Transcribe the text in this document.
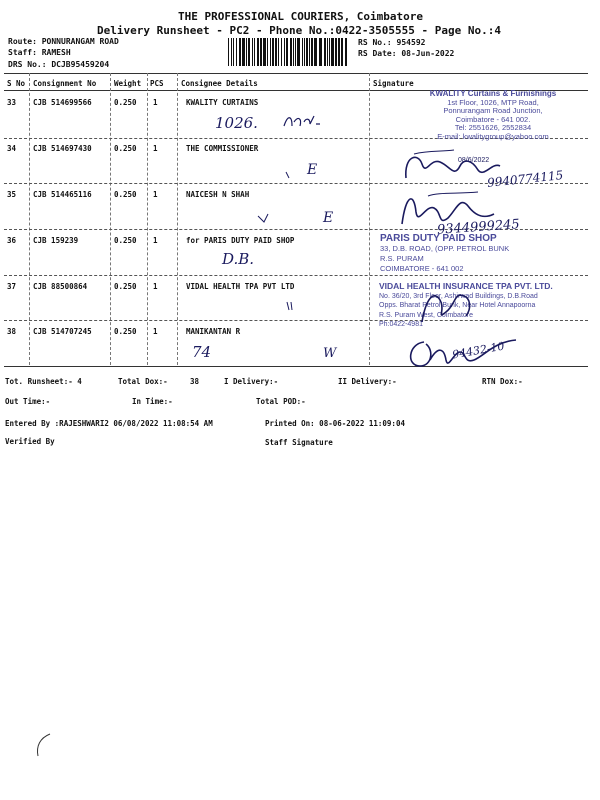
THE PROFESSIONAL COURIERS, Coimbatore
Delivery Runsheet - PC2 - Phone No.:0422-3505555 - Page No.:4
Route: PONNURANGAM ROAD
Staff: RAMESH
DRS No.: DCJB95459204
RS No.: 954592
RS Date: 08-Jun-2022
S No Consignment No Weight PCS Consignee Details	Signature
33 CJB 514699566	0.250 1	KWALITY CURTAINS
34 CJB 514697430	0.250 1	THE COMMISSIONER
35 CJB 514465116	0.250 1	NAICESH N SHAH
36 CJB 159239	0.250 1	for PARIS DUTY PAID SHOP
37 CJB 88500864	0.250 1	VIDAL HEALTH TPA PVT LTD
38 CJB 514707245	0.250 1	MANIKANTAN R
KWALITY Curtains & Furnishings
1st Floor, 1026, MTP Road,
Ponnurangam Road Junction,
Coimbatore - 641 002.
Tel: 2551626, 2552834
E-mail: kwalitygroup@yahoo.com
PARIS DUTY PAID SHOP
33, D.B. ROAD, (OPP. PETROL BUNK
R.S. PURAM
COIMBATORE - 641 002
VIDAL HEALTH INSURANCE TPA PVT. LTD.
No. 36/20, 3rd Floor, Ashirwad Buildings, D.B.Road
Opps. Bharat Petrol Bunk, Near Hotel Annapoorna
R.S. Puram West, Coimbatore
Ph:0422-4981
1026.
E
E
D.B.
74	W
08/6/2022
9940774115
9344999245
94432-10
Tot. Runsheet:- 4	Total Dox:-	38	I Delivery:-	II Delivery:-	RTN Dox:-
Out Time:-	In Time:-	Total POD:-
Entered By :RAJESHWARI2 06/08/2022 11:08:54 AM	Printed On: 08-06-2022 11:09:04
Verified By	Staff Signature
